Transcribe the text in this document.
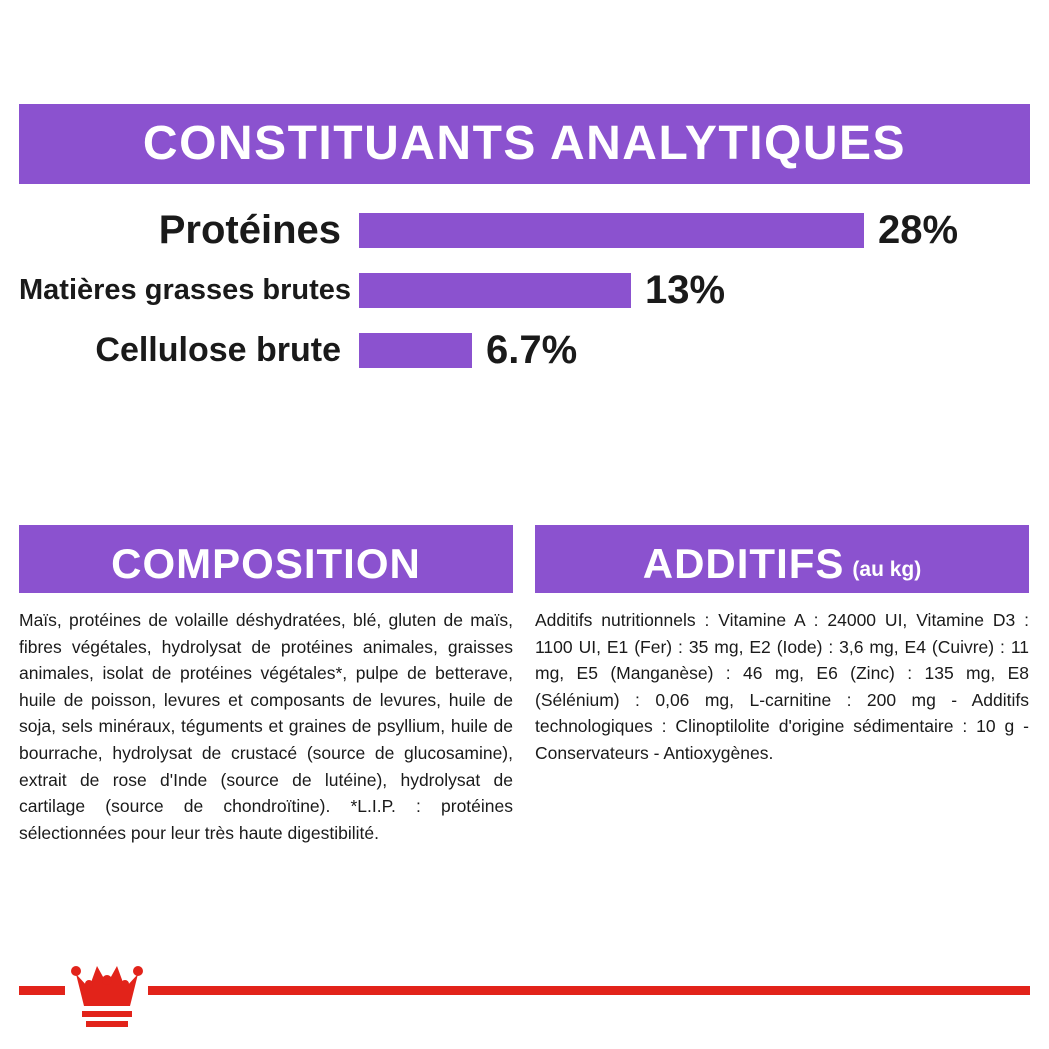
CONSTITUANTS ANALYTIQUES
Protéines	28%
Matières grasses brutes	13%
Cellulose brute	6.7%
COMPOSITION

Maïs, protéines de volaille déshydratées, blé, gluten de maïs, fibres végétales, hydrolysat de protéines animales, graisses animales, isolat de protéines végétales*, pulpe de betterave, huile de poisson, levures et composants de levures, huile de soja, sels minéraux, téguments et graines de psyllium, huile de bourrache, hydrolysat de crustacé (source de glucosamine), extrait de rose d'Inde (source de lutéine), hydrolysat de cartilage (source de chondroïtine). *L.I.P. : protéines sélectionnées pour leur très haute digestibilité.

ADDITIFS (au kg)

Additifs nutritionnels : Vitamine A : 24000 UI, Vitamine D3 : 1100 UI, E1 (Fer) : 35 mg, E2 (Iode) : 3,6 mg, E4 (Cuivre) : 11 mg, E5 (Manganèse) : 46 mg, E6 (Zinc) : 135 mg, E8 (Sélénium) : 0,06 mg, L-carnitine : 200 mg - Additifs technologiques : Clinoptilolite d'origine sédimentaire : 10 g - Conservateurs - Antioxygènes.
